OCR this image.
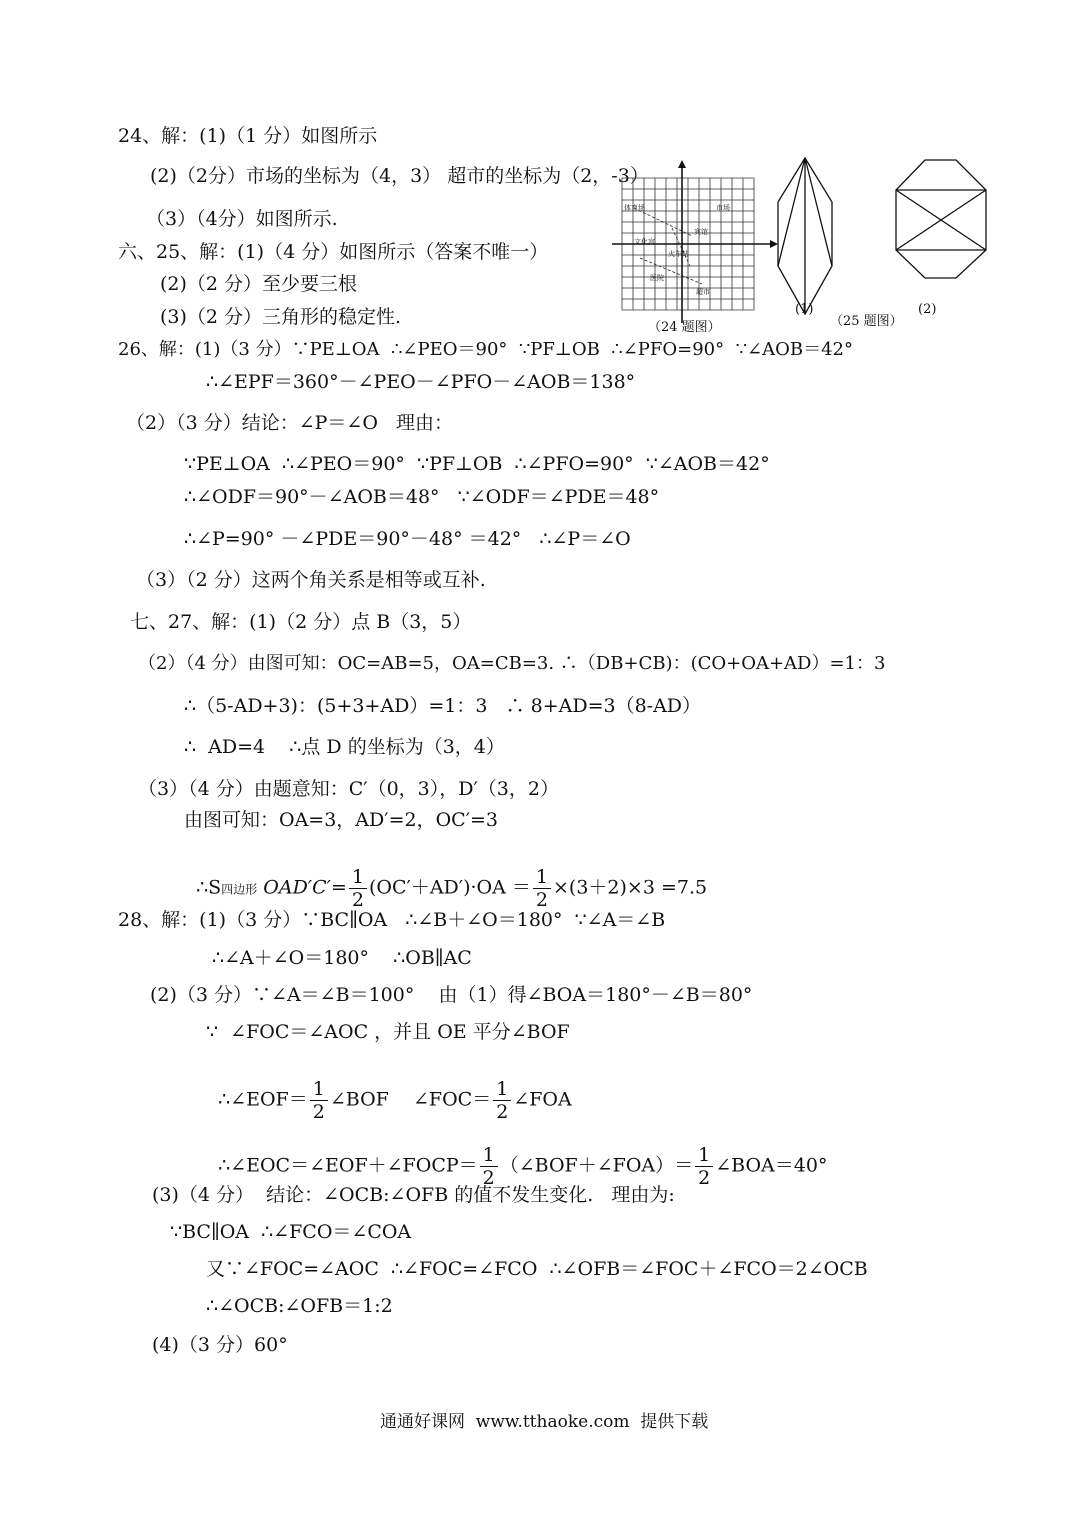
24、解：(1)（1 分）如图所示
(2)（2分）市场的坐标为（4，3） 超市的坐标为（2，-3）
（3）（4分）如图所示.
六、25、解：(1)（4 分）如图所示（答案不唯一）
(2)（2 分）至少要三根
(3)（2 分）三角形的稳定性.
体育场	市场
文化宫
宾馆
火车站
医院
超市
（24 题图）
(1)
（25 题图）
(2)
26、解：(1)（3 分）∵PE⊥OA  ∴∠PEO＝90°  ∵PF⊥OB  ∴∠PFO=90°  ∵∠AOB＝42°
∴∠EPF＝360°－∠PEO－∠PFO－∠AOB＝138°
（2）（3 分）结论：∠P＝∠O   理由：
∵PE⊥OA  ∴∠PEO＝90°  ∵PF⊥OB  ∴∠PFO=90°  ∵∠AOB＝42°
∴∠ODF＝90°－∠AOB＝48°   ∵∠ODF＝∠PDE＝48°
∴∠P=90° －∠PDE＝90°－48° ＝42°   ∴∠P＝∠O
（3）（2 分）这两个角关系是相等或互补.
七、27、解：(1)（2 分）点 B（3，5）
（2）（4 分）由图可知：OC=AB=5，OA=CB=3. ∴（DB+CB)：(CO+OA+AD）=1：3
∴（5-AD+3)：(5+3+AD）=1：3   ∴ 8+AD=3（8-AD）
∴  AD=4    ∴点 D 的坐标为（3，4）
（3）（4 分）由题意知：C′（0，3），D′（3，2）
由图可知：OA=3，AD′=2，OC′=3

∴S四边形 $OAD'C'= \frac{1}{2} (OC'+AD')\cdot OA = \frac{1}{2} \times(3+2)\times 3 =7.5$

28、解：(1)（3 分）∵BC∥OA   ∴∠B＋∠O＝180°  ∵∠A＝∠B
∴∠A＋∠O＝180°    ∴OB∥AC
(2)（3 分）∵∠A＝∠B＝100°    由（1）得∠BOA＝180°－∠B＝80°
∵  ∠FOC＝∠AOC ，并且 OE 平分∠BOF

∴∠EOF＝ $\frac{1}{2}$ ∠BOF    ∠FOC＝ $\frac{1}{2}$ ∠FOA

∴∠EOC＝∠EOF＋∠FOCP＝ $\frac{1}{2}$ （∠BOF＋∠FOA）＝ $\frac{1}{2}$ ∠BOA＝40°

(3)（4 分）  结论：∠OCB:∠OFB 的值不发生变化.   理由为:
∵BC∥OA  ∴∠FCO＝∠COA
又∵∠FOC=∠AOC  ∴∠FOC=∠FCO  ∴∠OFB＝∠FOC＋∠FCO＝2∠OCB
∴∠OCB:∠OFB＝1:2
(4)（3 分）60°
通通好课网  www.tthaoke.com  提供下载
